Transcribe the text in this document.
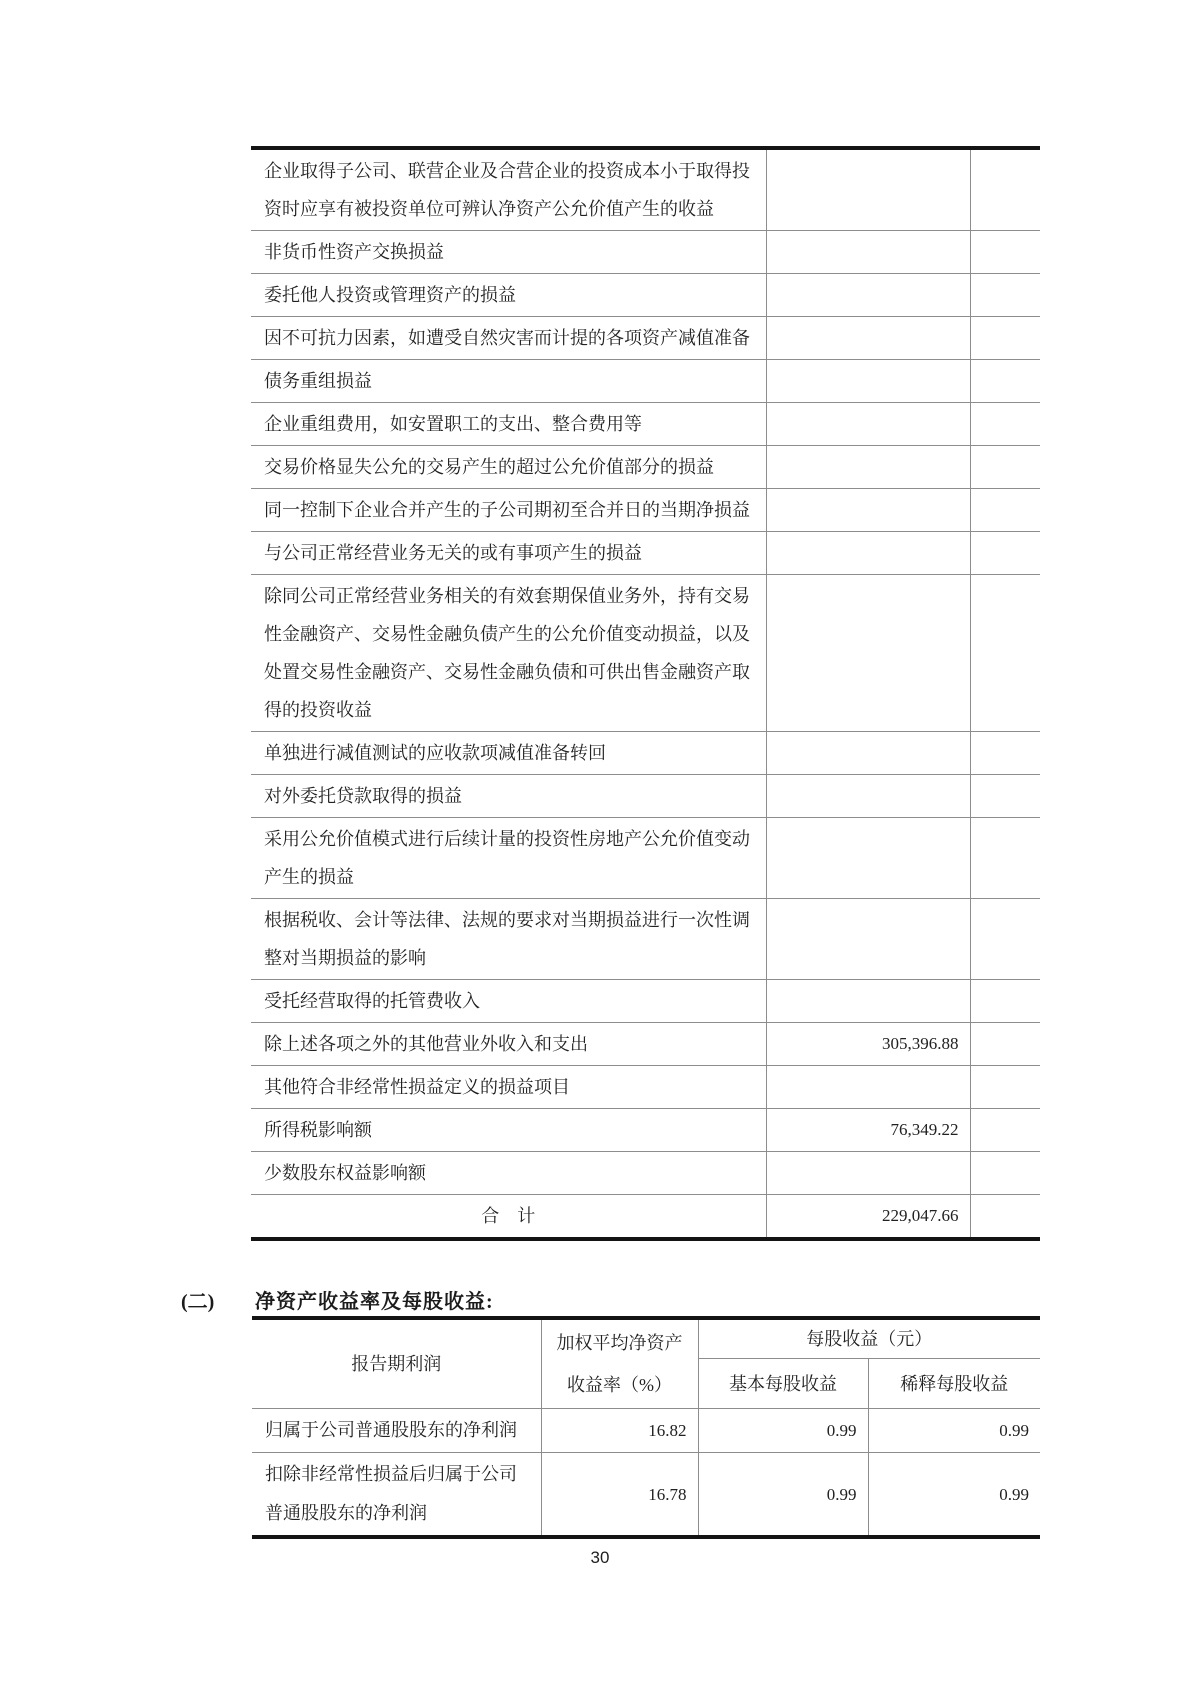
企业取得子公司、联营企业及合营企业的投资成本小于取得投资时应享有被投资单位可辨认净资产公允价值产生的收益		
非货币性资产交换损益		
委托他人投资或管理资产的损益		
因不可抗力因素，如遭受自然灾害而计提的各项资产减值准备		
债务重组损益		
企业重组费用，如安置职工的支出、整合费用等		
交易价格显失公允的交易产生的超过公允价值部分的损益		
同一控制下企业合并产生的子公司期初至合并日的当期净损益		
与公司正常经营业务无关的或有事项产生的损益		
除同公司正常经营业务相关的有效套期保值业务外，持有交易性金融资产、交易性金融负债产生的公允价值变动损益，以及处置交易性金融资产、交易性金融负债和可供出售金融资产取得的投资收益		
单独进行减值测试的应收款项减值准备转回		
对外委托贷款取得的损益		
采用公允价值模式进行后续计量的投资性房地产公允价值变动产生的损益		
根据税收、会计等法律、法规的要求对当期损益进行一次性调整对当期损益的影响		
受托经营取得的托管费收入		
除上述各项之外的其他营业外收入和支出	305,396.88	
其他符合非经常性损益定义的损益项目		
所得税影响额	76,349.22	
少数股东权益影响额		
合　计	229,047.66	
(二)	净资产收益率及每股收益:
报告期利润	加权平均净资产
收益率（%）	每股收益（元）	
		基本每股收益	稀释每股收益
归属于公司普通股股东的净利润	16.82	0.99	0.99
扣除非经常性损益后归属于公司普通股股东的净利润	16.78	0.99	0.99
30
